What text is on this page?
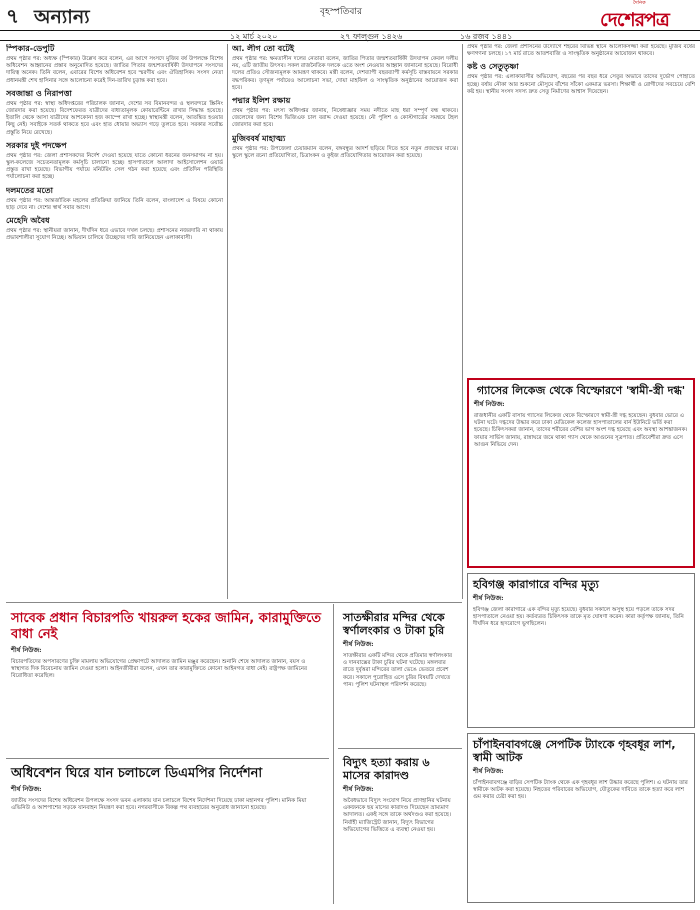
৭ অন্যান্য	বৃহস্পতিবার
দৈনিক
দেশেরপত্র
১২ মার্চ ২০২০	২৭ ফাল্গুন ১৪২৬	১৬ রজব ১৪৪১
স্পিকার-ডেপুটি
প্রথম পৃষ্ঠার পর: অধ্যক্ষ (স্পিকার) উল্লেখ করে বলেন, এর আগে সংসদে মুজিব বর্ষ উপলক্ষে বিশেষ অধিবেশন আহ্বানের প্রস্তাব অনুমোদিত হয়েছে। জাতির পিতার জন্মশতবার্ষিকী উদযাপনে সংসদের দায়িত্ব অনেক। তিনি বলেন, এবারের বিশেষ অধিবেশন হবে স্মরণীয় এবং ঐতিহাসিক। সংসদ নেতা প্রধানমন্ত্রী শেখ হাসিনার সঙ্গে আলোচনা করেই দিন-তারিখ চূড়ান্ত করা হবে।
সবজান্তা ও নিরাপত্তা
প্রথম পৃষ্ঠার পর: স্বাস্থ্য অধিদপ্তরের পরিচালক জানান, দেশের সব বিমানবন্দর ও স্থলবন্দরে স্ক্রিনিং জোরদার করা হয়েছে। বিদেশফেরত যাত্রীদের বাধ্যতামূলক কোয়ারেন্টিনে রাখার সিদ্ধান্ত হয়েছে। ইতালি থেকে আসা যাত্রীদের আশকোনা হজ ক্যাম্পে রাখা হচ্ছে। স্বাস্থ্যমন্ত্রী বলেন, আতঙ্কিত হওয়ার কিছু নেই। সবাইকে সতর্ক থাকতে হবে এবং হাত ধোয়ার অভ্যাস গড়ে তুলতে হবে। সরকার সর্বোচ্চ প্রস্তুতি নিয়ে রেখেছে।
সরকার দুই পদক্ষেপ
প্রথম পৃষ্ঠার পর: জেলা প্রশাসকদের নির্দেশ দেওয়া হয়েছে যাতে কোনো ধরনের জনসমাগম না হয়। স্কুল-কলেজে সচেতনতামূলক কর্মসূচি চালানো হচ্ছে। হাসপাতালে আলাদা আইসোলেশন ওয়ার্ড প্রস্তুত রাখা হয়েছে। বিভাগীয় পর্যায়ে মনিটরিং সেল গঠন করা হয়েছে এবং প্রতিদিন পরিস্থিতি পর্যালোচনা করা হচ্ছে।
দলমতের মতো
প্রথম পৃষ্ঠার পর: আন্তর্জাতিক মহলের প্রতিক্রিয়া জানিয়ে তিনি বলেন, বাংলাদেশ এ বিষয়ে কোনো ছাড় দেবে না। দেশের স্বার্থ সবার আগে।
মেহেদি অবৈধ
প্রথম পৃষ্ঠার পর: স্থানীয়রা জানান, দীর্ঘদিন ধরে এভাবে দখল চলছে। প্রশাসনের নজরদারি না থাকায় প্রভাবশালীরা সুযোগ নিচ্ছে। অভিযান চালিয়ে উচ্ছেদের দাবি জানিয়েছেন এলাকাবাসী।
আ. লীগ তো বটেই
প্রথম পৃষ্ঠার পর: ক্ষমতাসীন দলের নেতারা বলেন, জাতির পিতার জন্মশতবার্ষিকী উদযাপন কেবল দলীয় নয়, এটি জাতীয় উৎসব। সকল রাজনৈতিক দলকে এতে অংশ নেওয়ার আহ্বান জানানো হয়েছে। বিরোধী দলের প্রতিও সৌজন্যমূলক আমন্ত্রণ থাকবে। মন্ত্রী বলেন, দেশব্যাপী বছরব্যাপী কর্মসূচি বাস্তবায়নে সরকার বদ্ধপরিকর। তৃণমূল পর্যায়েও আলোচনা সভা, দোয়া মাহফিল ও সাংস্কৃতিক অনুষ্ঠানের আয়োজন করা হবে।
পদ্মার ইলিশ রক্ষায়
প্রথম পৃষ্ঠার পর: মৎস্য অধিদপ্তর জানায়, নিষেধাজ্ঞার সময় নদীতে মাছ ধরা সম্পূর্ণ বন্ধ থাকবে। জেলেদের জন্য বিশেষ ভিজিএফ চাল বরাদ্দ দেওয়া হয়েছে। নৌ পুলিশ ও কোস্টগার্ডের সমন্বয়ে টহল জোরদার করা হবে।
মুজিববর্ষ মাহাত্ম্য
প্রথম পৃষ্ঠার পর: উপজেলা চেয়ারম্যান বলেন, বঙ্গবন্ধুর আদর্শ ছড়িয়ে দিতে হবে নতুন প্রজন্মের মাঝে। স্কুলে স্কুলে রচনা প্রতিযোগিতা, চিত্রাংকন ও কুইজ প্রতিযোগিতার আয়োজন করা হয়েছে।
প্রথম পৃষ্ঠার পর: জেলা প্রশাসনের উদ্যোগে শহরের বিভিন্ন স্থানে আলোকসজ্জা করা হয়েছে। মুজিব বর্ষের ক্ষণগণনা চলছে। ১৭ মার্চ রাতে আতশবাজি ও সাংস্কৃতিক অনুষ্ঠানের আয়োজন থাকবে।
কষ্ট ও সেতুতৃষ্ণা
প্রথম পৃষ্ঠার পর: এলাকাবাসীর অভিযোগ, বছরের পর বছর ধরে সেতুর অভাবে তাদের দুর্ভোগ পোহাতে হচ্ছে। বর্ষায় নৌকা আর শুকনো মৌসুমে বাঁশের সাঁকো একমাত্র ভরসা। শিক্ষার্থী ও রোগীদের সবচেয়ে বেশি কষ্ট হয়। স্থানীয় সংসদ সদস্য দ্রুত সেতু নির্মাণের আশ্বাস দিয়েছেন।
গ্যাসের লিকেজ থেকে বিস্ফোরণে 'স্বামী-স্ত্রী দগ্ধ'
শীর্ষ নিউজ:
রাজধানীর একটি বাসায় গ্যাসের লিকেজ থেকে বিস্ফোরণে স্বামী-স্ত্রী দগ্ধ হয়েছেন। বুধবার ভোরে এ ঘটনা ঘটে। দগ্ধদের উদ্ধার করে ঢাকা মেডিকেল কলেজ হাসপাতালের বার্ন ইউনিটে ভর্তি করা হয়েছে। চিকিৎসকরা জানান, তাদের শরীরের বেশির ভাগ অংশ দগ্ধ হয়েছে এবং অবস্থা আশঙ্কাজনক। ফায়ার সার্ভিস জানায়, রান্নাঘরে জমে থাকা গ্যাস থেকে আগুনের সূত্রপাত। প্রতিবেশীরা দ্রুত এসে আগুন নিভিয়ে দেন।
হবিগঞ্জ কারাগারে বন্দির মৃত্যু
শীর্ষ নিউজ:
হবিগঞ্জ জেলা কারাগারে এক বন্দির মৃত্যু হয়েছে। বুধবার সকালে অসুস্থ হয়ে পড়লে তাকে সদর হাসপাতালে নেওয়া হয়। কর্তব্যরত চিকিৎসক তাকে মৃত ঘোষণা করেন। কারা কর্তৃপক্ষ জানায়, তিনি দীর্ঘদিন ধরে হৃদরোগে ভুগছিলেন।
চাঁপাইনবাবগঞ্জে সেপটিক ট্যাংকে গৃহবধূর লাশ, স্বামী আটক
শীর্ষ নিউজ:
চাঁপাইনবাবগঞ্জে বাড়ির সেপটিক ট্যাংক থেকে এক গৃহবধূর লাশ উদ্ধার করেছে পুলিশ। এ ঘটনায় তার স্বামীকে আটক করা হয়েছে। নিহতের পরিবারের অভিযোগ, যৌতুকের দাবিতে তাকে হত্যা করে লাশ গুম করার চেষ্টা করা হয়।
সাবেক প্রধান বিচারপতি খায়রুল হকের জামিন, কারামুক্তিতে বাধা নেই
শীর্ষ নিউজ:
বিচারপতিদের অপসারণের চুক্তি মামলায় অভিযোগের প্রেক্ষাপটে আদালত জামিন মঞ্জুর করেছেন। শুনানি শেষে আদালত জানান, বয়স ও স্বাস্থ্যগত দিক বিবেচনায় জামিন দেওয়া হলো। আইনজীবীরা বলেন, এখন তার কারামুক্তিতে কোনো আইনগত বাধা নেই। রাষ্ট্রপক্ষ জামিনের বিরোধিতা করেছিল।
অধিবেশন ঘিরে যান চলাচলে ডিএমপির নির্দেশনা
শীর্ষ নিউজ:
জাতীয় সংসদের বিশেষ অধিবেশন উপলক্ষে সংসদ ভবন এলাকায় যান চলাচলে বিশেষ নির্দেশনা দিয়েছে ঢাকা মহানগর পুলিশ। মানিক মিয়া এভিনিউ ও আশপাশের সড়কে যানবাহন নিয়ন্ত্রণ করা হবে। নগরবাসীকে বিকল্প পথ ব্যবহারের অনুরোধ জানানো হয়েছে।
সাতক্ষীরার মন্দির থেকে স্বর্ণালংকার ও টাকা চুরি
শীর্ষ নিউজ:
সাতক্ষীরার একটি মন্দির থেকে প্রতিমার স্বর্ণালংকার ও দানবাক্সের টাকা চুরির ঘটনা ঘটেছে। মঙ্গলবার রাতে দুর্বৃত্তরা মন্দিরের তালা ভেঙে ভেতরে প্রবেশ করে। সকালে পুরোহিত এসে চুরির বিষয়টি দেখতে পান। পুলিশ ঘটনাস্থল পরিদর্শন করেছে।
বিদ্যুৎ হত্যা করায় ৬ মাসের কারাদণ্ড
শীর্ষ নিউজ:
অবৈধভাবে বিদ্যুৎ সংযোগ নিয়ে প্রাণহানির ঘটনায় একজনকে ছয় মাসের কারাদণ্ড দিয়েছেন ভ্রাম্যমাণ আদালত। একই সঙ্গে তাকে অর্থদণ্ডও করা হয়েছে। নির্বাহী ম্যাজিস্ট্রেট জানান, বিদ্যুৎ বিভাগের অভিযোগের ভিত্তিতে এ ব্যবস্থা নেওয়া হয়।
